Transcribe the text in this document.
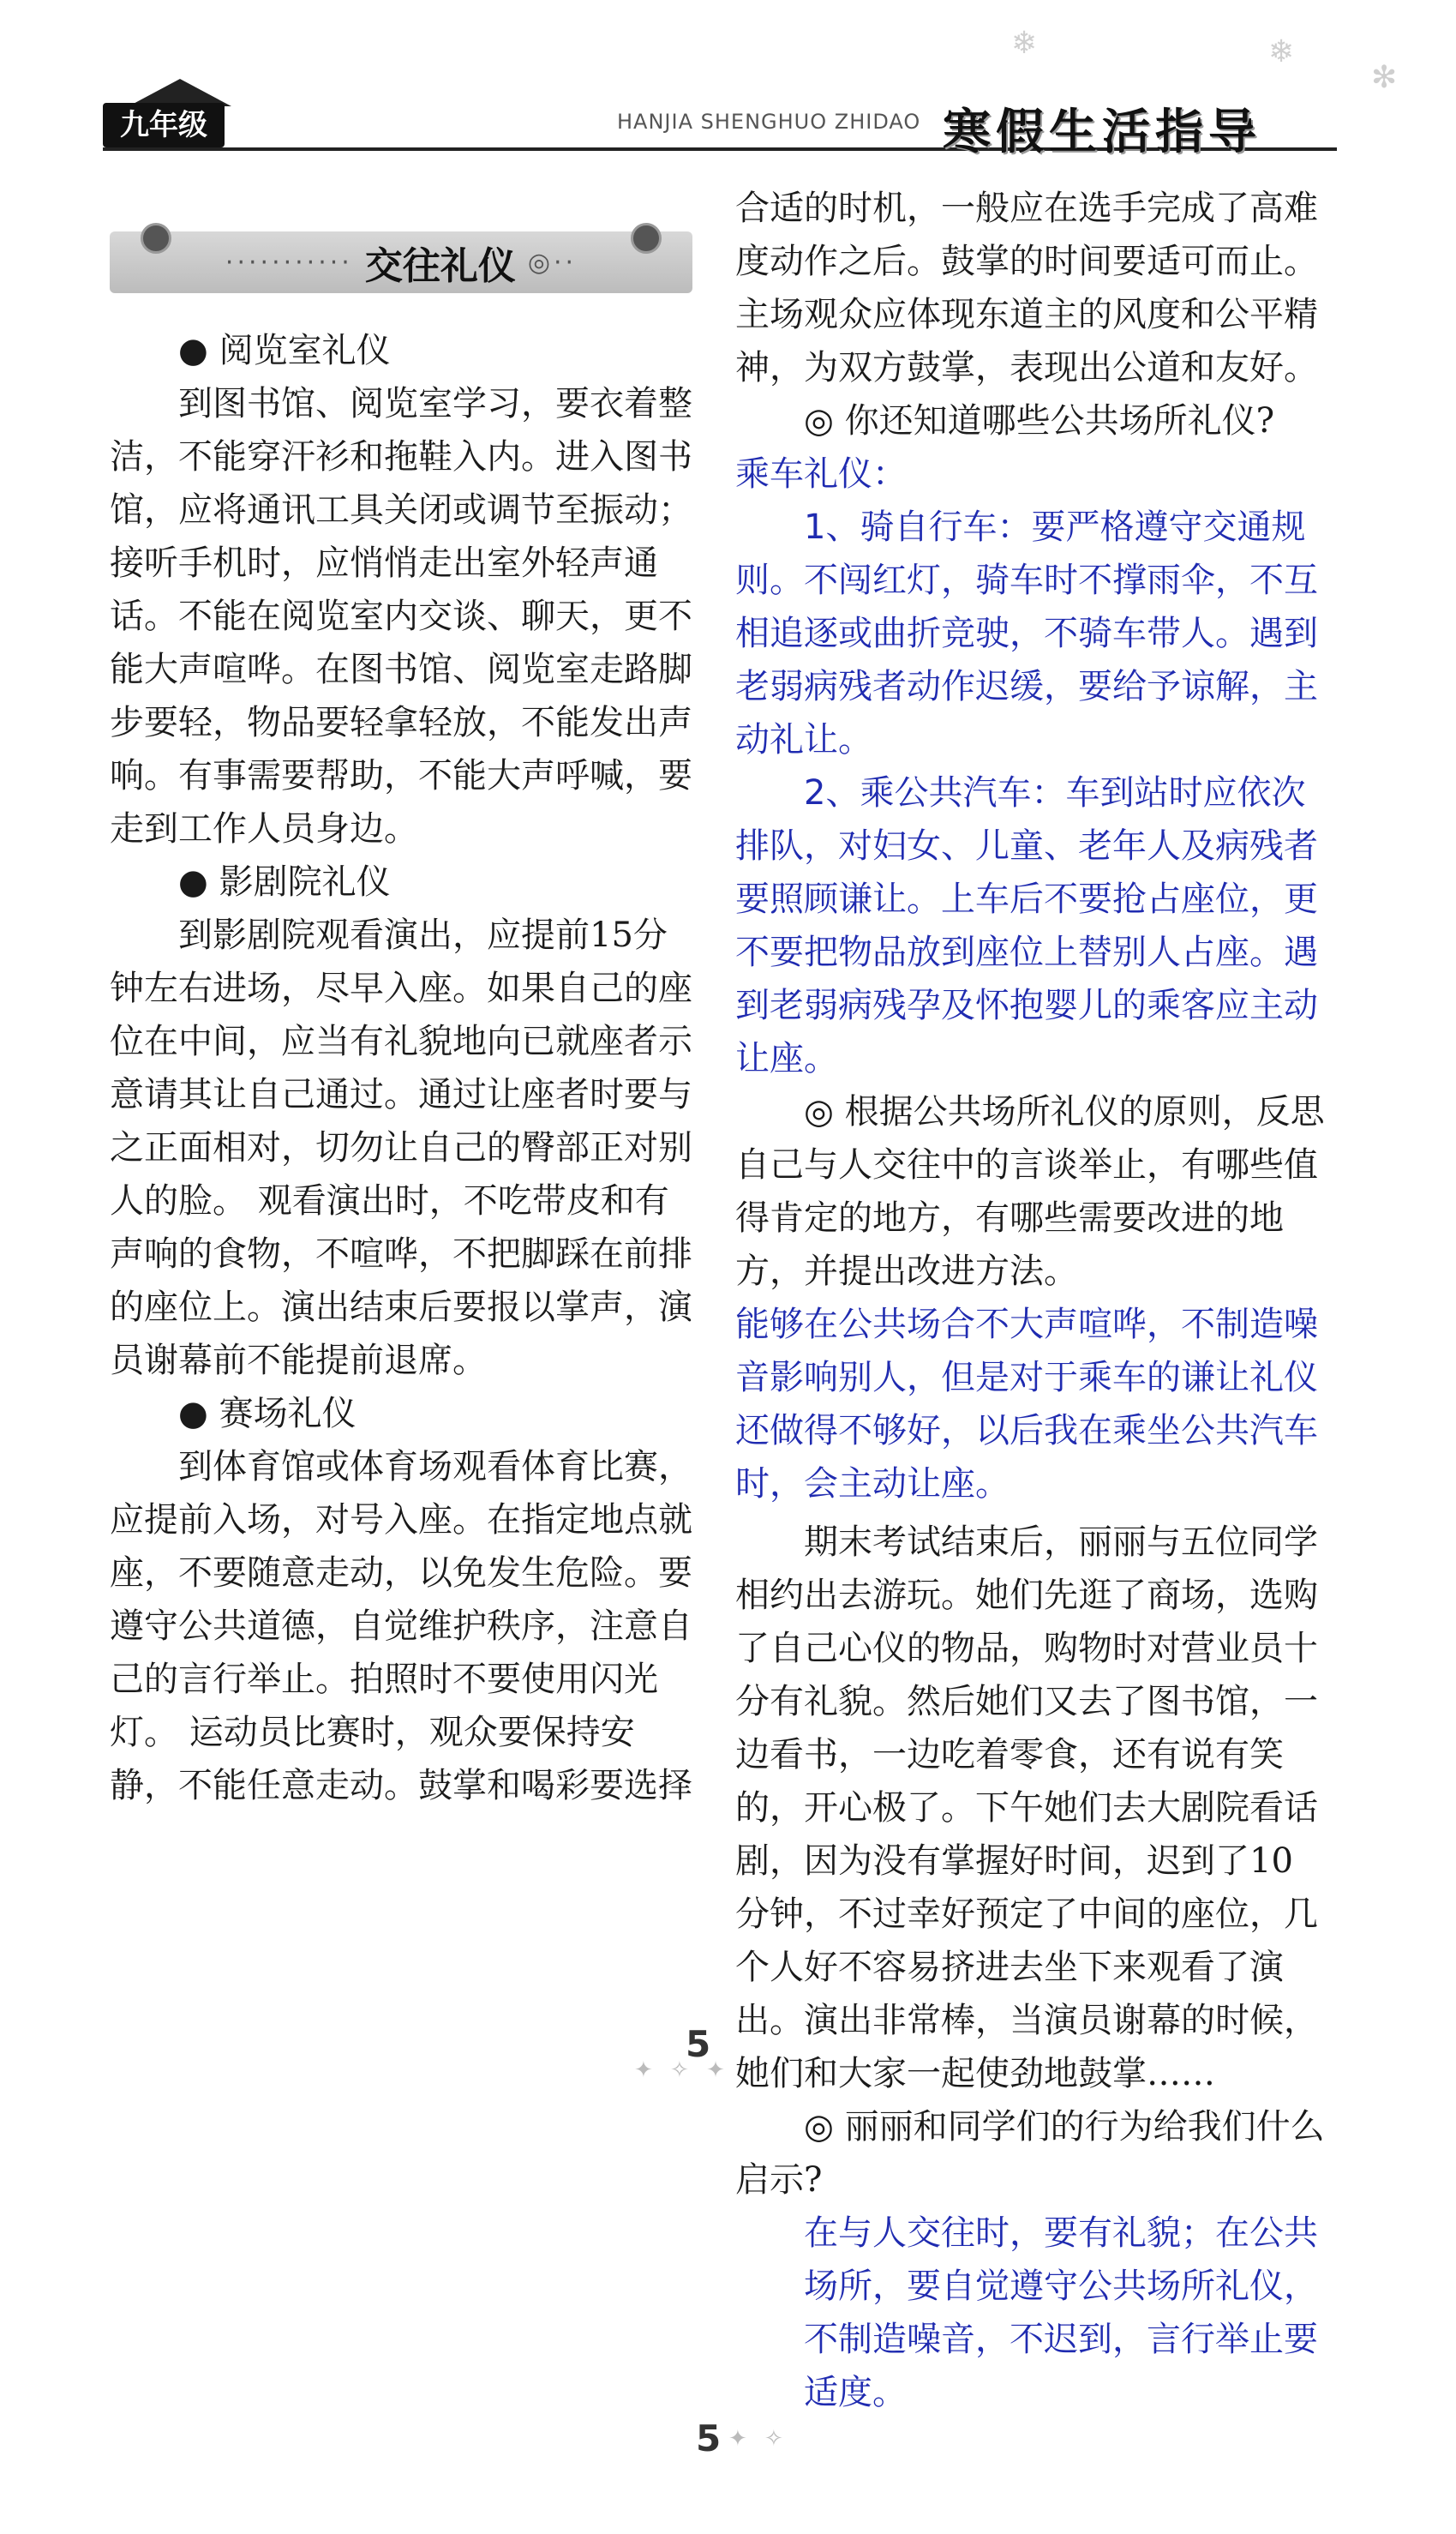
九年级	HANJIA SHENGHUO ZHIDAO 寒假生活指导
❄	❄
✻
··········· 交往礼仪 ◎··

● 阅览室礼仪

到图书馆、阅览室学习，要衣着整洁，不能穿汗衫和拖鞋入内。进入图书馆，应将通讯工具关闭或调节至振动；接听手机时，应悄悄走出室外轻声通话。不能在阅览室内交谈、聊天，更不能大声喧哗。在图书馆、阅览室走路脚步要轻，物品要轻拿轻放，不能发出声响。有事需要帮助，不能大声呼喊，要走到工作人员身边。

● 影剧院礼仪

到影剧院观看演出，应提前15分钟左右进场，尽早入座。如果自己的座位在中间，应当有礼貌地向已就座者示意请其让自己通过。通过让座者时要与之正面相对，切勿让自己的臀部正对别人的脸。 观看演出时，不吃带皮和有声响的食物，不喧哗，不把脚踩在前排的座位上。演出结束后要报以掌声，演员谢幕前不能提前退席。

● 赛场礼仪

到体育馆或体育场观看体育比赛，应提前入场，对号入座。在指定地点就座，不要随意走动，以免发生危险。要遵守公共道德，自觉维护秩序，注意自己的言行举止。拍照时不要使用闪光灯。 运动员比赛时，观众要保持安静，不能任意走动。鼓掌和喝彩要选择

5
✦ ✧ ✦

合适的时机，一般应在选手完成了高难度动作之后。鼓掌的时间要适可而止。主场观众应体现东道主的风度和公平精神，为双方鼓掌，表现出公道和友好。

◎ 你还知道哪些公共场所礼仪?

乘车礼仪：

1、骑自行车：要严格遵守交通规则。不闯红灯，骑车时不撑雨伞，不互相追逐或曲折竞驶，不骑车带人。遇到老弱病残者动作迟缓，要给予谅解，主动礼让。

2、乘公共汽车：车到站时应依次排队，对妇女、儿童、老年人及病残者要照顾谦让。上车后不要抢占座位，更不要把物品放到座位上替别人占座。遇到老弱病残孕及怀抱婴儿的乘客应主动让座。

◎ 根据公共场所礼仪的原则，反思自己与人交往中的言谈举止，有哪些值得肯定的地方，有哪些需要改进的地方，并提出改进方法。

能够在公共场合不大声喧哗，不制造噪音影响别人，但是对于乘车的谦让礼仪还做得不够好，以后我在乘坐公共汽车时，会主动让座。

期末考试结束后，丽丽与五位同学相约出去游玩。她们先逛了商场，选购了自己心仪的物品，购物时对营业员十分有礼貌。然后她们又去了图书馆，一边看书，一边吃着零食，还有说有笑的，开心极了。下午她们去大剧院看话剧，因为没有掌握好时间，迟到了10分钟，不过幸好预定了中间的座位，几个人好不容易挤进去坐下来观看了演出。演出非常棒，当演员谢幕的时候，她们和大家一起使劲地鼓掌……

◎ 丽丽和同学们的行为给我们什么启示?

在与人交往时，要有礼貌；在公共场所，要自觉遵守公共场所礼仪，不制造噪音，不迟到，言行举止要适度。

5 ✦ ✧
